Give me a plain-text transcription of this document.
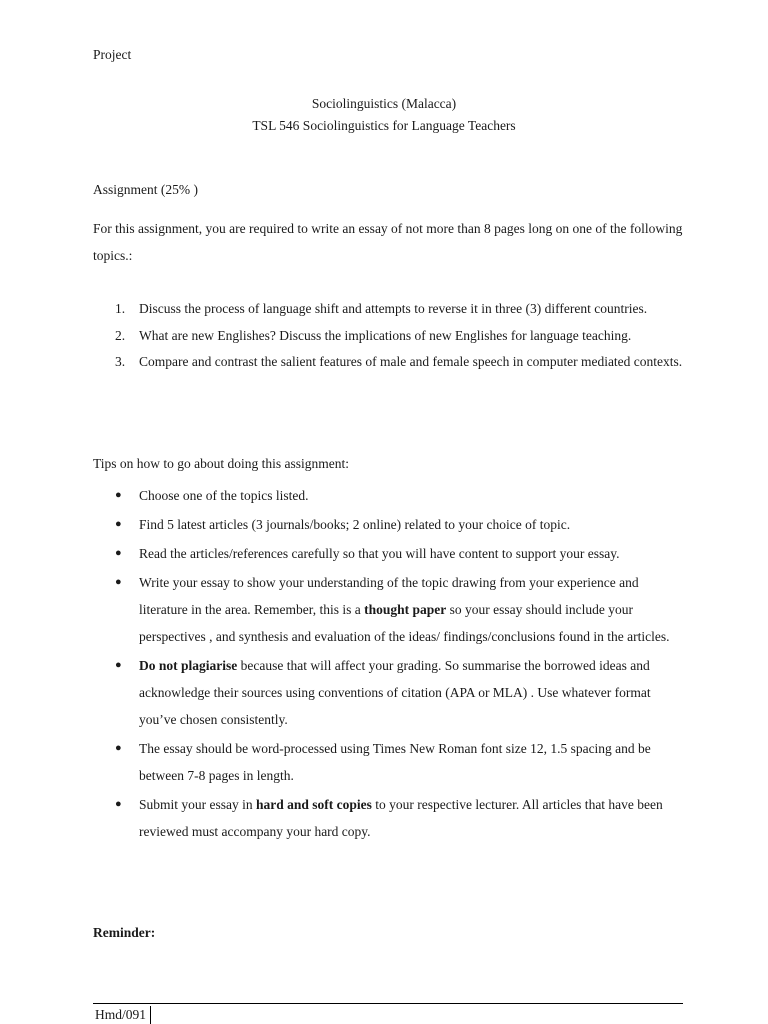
Project
Sociolinguistics (Malacca)
TSL 546 Sociolinguistics for Language Teachers
Assignment (25% )

For this assignment, you are required to write an essay of not more than 8 pages long on one of the following topics.:

1. Discuss the process of language shift and attempts to reverse it in three (3) different countries.
2. What are new Englishes? Discuss the implications of new Englishes for language teaching.
3. Compare and contrast the salient features of male and female speech in computer mediated contexts.
Tips on how to go about doing this assignment:
● Choose one of the topics listed.
● Find 5 latest articles (3 journals/books; 2 online) related to your choice of topic.
● Read the articles/references carefully so that you will have content to support your essay.
● Write your essay to show your understanding of the topic drawing from your experience and literature in the area. Remember, this is a thought paper so your essay should include your perspectives , and synthesis and evaluation of the ideas/ findings/conclusions found in the articles.
● Do not plagiarise because that will affect your grading. So summarise the borrowed ideas and acknowledge their sources using conventions of citation (APA or MLA) . Use whatever format you’ve chosen consistently.
● The essay should be word-processed using Times New Roman font size 12, 1.5 spacing and be between 7-8 pages in length.
● Submit your essay in hard and soft copies to your respective lecturer. All articles that have been reviewed must accompany your hard copy.
Reminder:
Hmd/091
